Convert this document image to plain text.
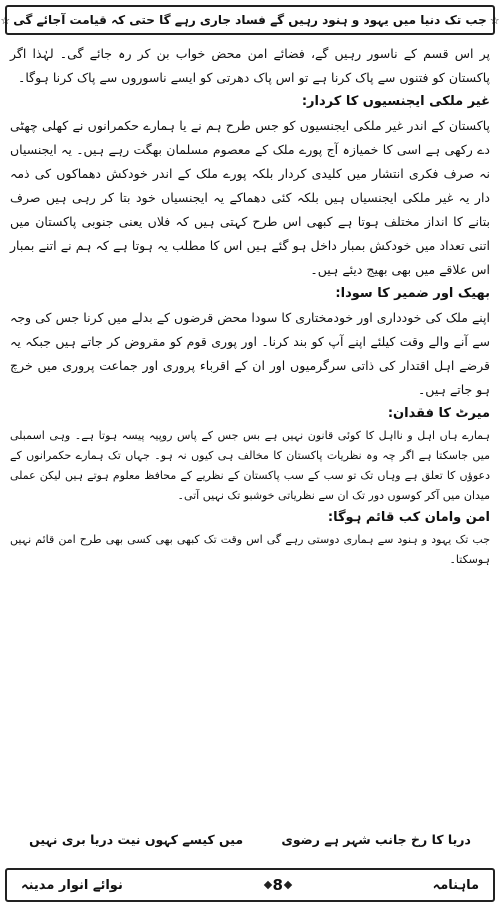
☆
جب تک دنیا میں یہود و ہنود رہیں گے فساد جاری رہے گا حتی کہ قیامت آجائے گی
☆

پر اس قسم کے ناسور رہیں گے، فضائے امن محض خواب بن کر رہ جائے گی۔ لہٰذا اگر پاکستان کو فتنوں سے پاک کرنا ہے تو اس پاک دھرتی کو ایسے ناسوروں سے پاک کرنا ہوگا۔

غیر ملکی ایجنسیوں کا کردار:

پاکستان کے اندر غیر ملکی ایجنسیوں کو جس طرح ہم نے یا ہمارے حکمرانوں نے کھلی چھٹی دے رکھی ہے اسی کا خمیازہ آج پورے ملک کے معصوم مسلمان بھگت رہے ہیں۔ یہ ایجنسیاں نہ صرف فکری انتشار میں کلیدی کردار بلکہ پورے ملک کے اندر خودکش دھماکوں کی ذمہ دار یہ غیر ملکی ایجنسیاں ہیں بلکہ کئی دھماکے یہ ایجنسیاں خود بتا کر رہی ہیں صرف بتانے کا انداز مختلف ہوتا ہے کبھی اس طرح کہتی ہیں کہ فلاں یعنی جنوبی پاکستان میں اتنی تعداد میں خودکش بمبار داخل ہو گئے ہیں اس کا مطلب یہ ہوتا ہے کہ ہم نے اتنے بمبار اس علاقے میں بھی بھیج دیئے ہیں۔

بھیک اور ضمیر کا سودا:

اپنے ملک کی خودداری اور خودمختاری کا سودا محض قرضوں کے بدلے میں کرنا جس کی وجہ سے آنے والے وقت کیلئے اپنے آپ کو بند کرنا۔ اور پوری قوم کو مقروض کر جاتے ہیں جبکہ یہ قرضے اہل اقتدار کی ذاتی سرگرمیوں اور ان کے اقرباء پروری اور جماعت پروری میں خرچ ہو جاتے ہیں۔

میرٹ کا فقدان:

ہمارے ہاں اہل و نااہل کا کوئی قانون نہیں ہے بس جس کے پاس روپیہ پیسہ ہوتا ہے۔ وہی اسمبلی میں جاسکتا ہے اگر چہ وہ نظریات پاکستان کا مخالف ہی کیوں نہ ہو۔ جہاں تک ہمارے حکمرانوں کے دعوؤں کا تعلق ہے وہاں تک تو سب کے سب پاکستان کے نظریے کے محافظ معلوم ہوتے ہیں لیکن عملی میدان میں آکر کوسوں دور تک ان سے نظریاتی خوشبو تک نہیں آتی۔

امن وامان کب قائم ہوگا:

جب تک یہود و ہنود سے ہماری دوستی رہے گی اس وقت تک کبھی بھی کسی بھی طرح امن قائم نہیں ہوسکتا۔

دریا کا رخ جانب شہر ہے رضوی
میں کیسے کہوں نیت دریا بری نہیں
ماہنامہ
8
نوائے انوار مدینہ
